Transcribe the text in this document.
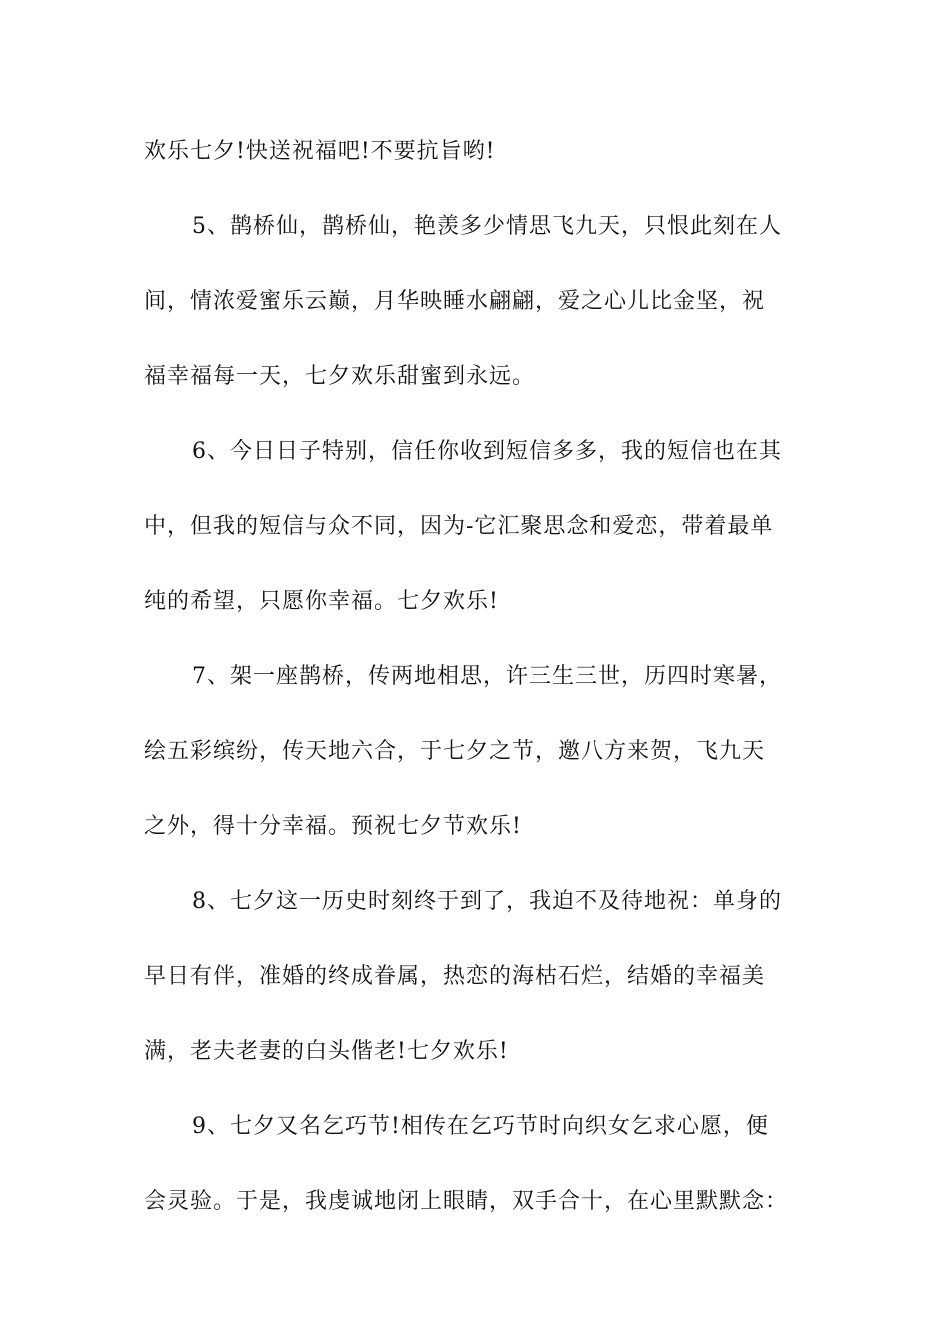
欢乐七夕!快送祝福吧!不要抗旨哟!
5、鹊桥仙，鹊桥仙，艳羡多少情思飞九天，只恨此刻在人
间，情浓爱蜜乐云巅，月华映睡水翩翩，爱之心儿比金坚，祝
福幸福每一天，七夕欢乐甜蜜到永远。
6、今日日子特别，信任你收到短信多多，我的短信也在其
中，但我的短信与众不同，因为-它汇聚思念和爱恋，带着最单
纯的希望，只愿你幸福。七夕欢乐!
7、架一座鹊桥，传两地相思，许三生三世，历四时寒暑，
绘五彩缤纷，传天地六合，于七夕之节，邀八方来贺，飞九天
之外，得十分幸福。预祝七夕节欢乐!
8、七夕这一历史时刻终于到了，我迫不及待地祝：单身的
早日有伴，准婚的终成眷属，热恋的海枯石烂，结婚的幸福美
满，老夫老妻的白头偕老!七夕欢乐!
9、七夕又名乞巧节!相传在乞巧节时向织女乞求心愿，便
会灵验。于是，我虔诚地闭上眼睛，双手合十，在心里默默念：
